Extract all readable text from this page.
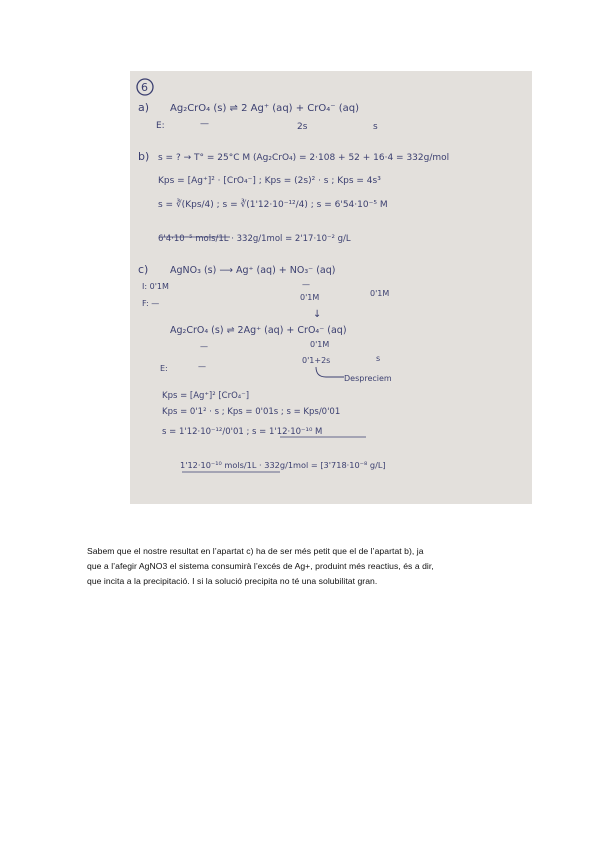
6
a) Ag₂CrO₄ (s) ⇌ 2 Ag⁺ (aq) + CrO₄⁻ (aq)
E:	—	2s	s
b) s = ? → T° = 25°C M (Ag₂CrO₄) = 2·108 + 52 + 16·4 = 332g/mol
Kps = [Ag⁺]² · [CrO₄⁻] ; Kps = (2s)² · s ; Kps = 4s³
s = ∛(Kps/4) ; s = ∛(1'12·10⁻¹²/4) ; s = 6'54·10⁻⁵ M
6'4·10⁻⁵ mols/1L · 332g/1mol = 2'17·10⁻² g/L
c) AgNO₃ (s) ⟶ Ag⁺ (aq) + NO₃⁻ (aq)
I: 0'1M
F: —
—
0'1M	0'1M
↓
Ag₂CrO₄ (s) ⇌ 2Ag⁺ (aq) + CrO₄⁻ (aq)
—	0'1M
E:	—
0'1+2s	s
Despreciem
Kps = [Ag⁺]² [CrO₄⁻]
Kps = 0'1² · s ; Kps = 0'01s ; s = Kps/0'01
s = 1'12·10⁻¹²/0'01 ; s = 1'12·10⁻¹⁰ M
1'12·10⁻¹⁰ mols/1L · 332g/1mol = [3'718·10⁻⁸ g/L]
Sabem que el nostre resultat en l’apartat c) ha de ser més petit que el de l’apartat b), ja
que a l’afegir AgNO3 el sistema consumirà l’excés de Ag+, produint més reactius, és a dir,
que incita a la precipitació. I si la solució precipita no té una solubilitat gran.
